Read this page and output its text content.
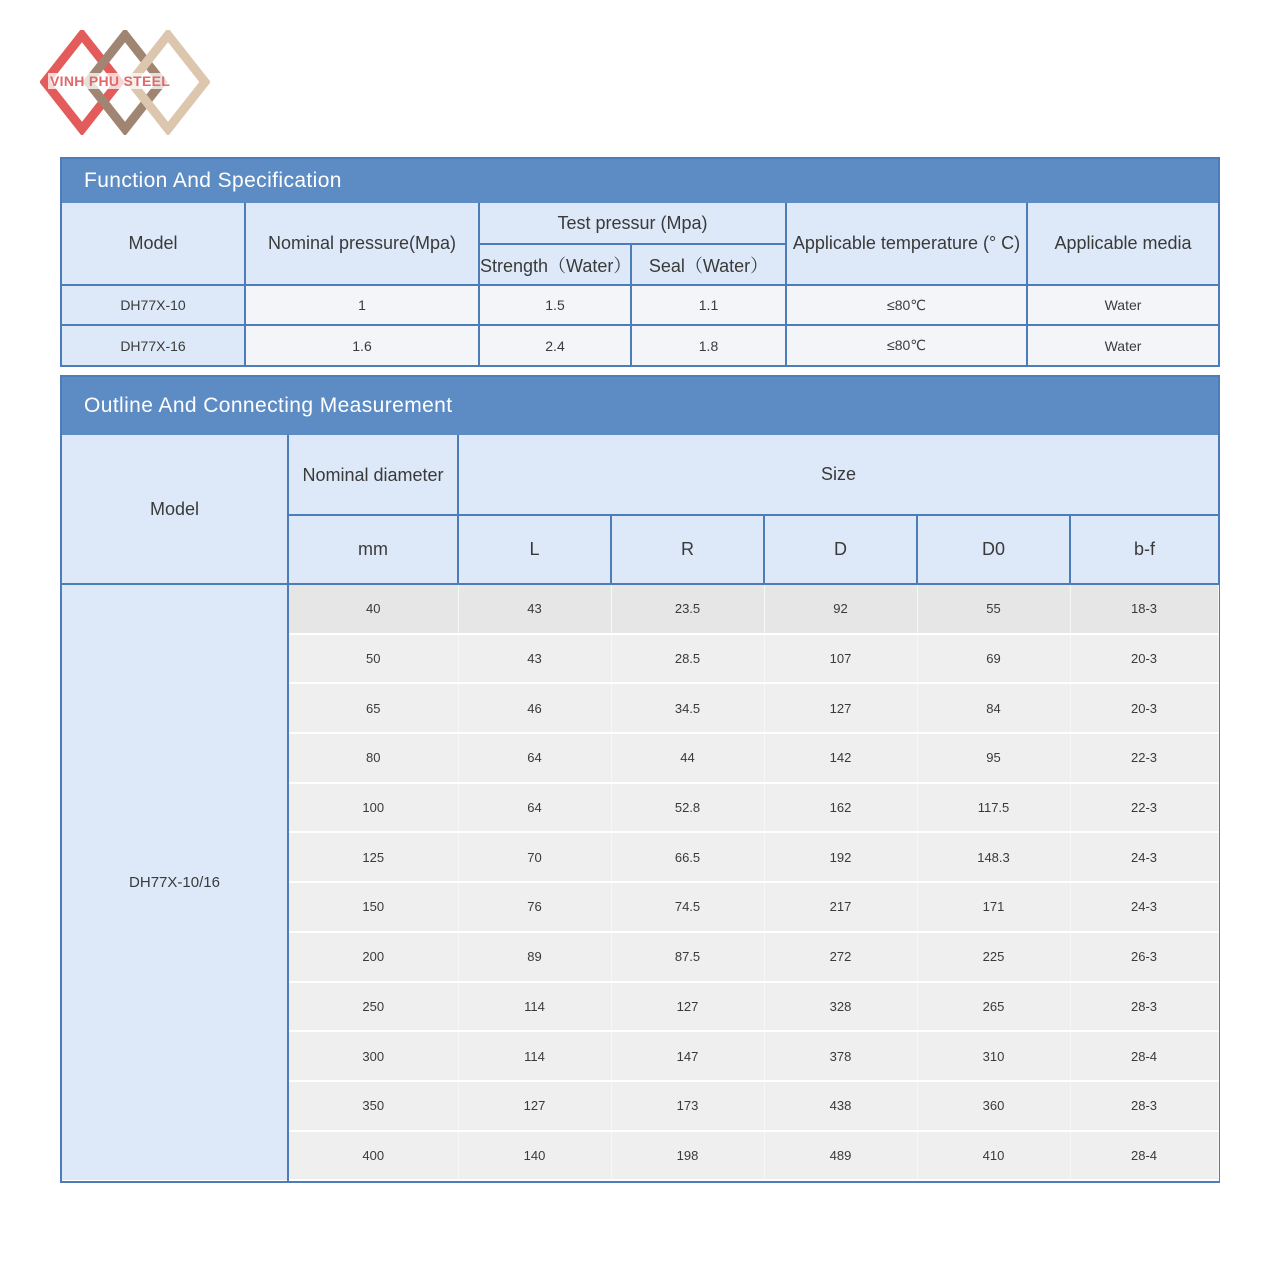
VINH PHU STEEL
Function And Specification
Model	Nominal pressure(Mpa)	Test pressur (Mpa)		Applicable temperature (° C)	Applicable media
		Strength（Water）	Seal（Water）		
DH77X-10	1	1.5	1.1	≤80℃	Water
DH77X-16	1.6	2.4	1.8	≤80℃	Water
Outline And Connecting Measurement
Model	Nominal diameter	Size				
	mm	L	R	D	D0	b-f
DH77X-10/16	40	43	23.5	92	55	18-3
	50	43	28.5	107	69	20-3
	65	46	34.5	127	84	20-3
	80	64	44	142	95	22-3
	100	64	52.8	162	117.5	22-3
	125	70	66.5	192	148.3	24-3
	150	76	74.5	217	171	24-3
	200	89	87.5	272	225	26-3
	250	114	127	328	265	28-3
	300	114	147	378	310	28-4
	350	127	173	438	360	28-3
	400	140	198	489	410	28-4
